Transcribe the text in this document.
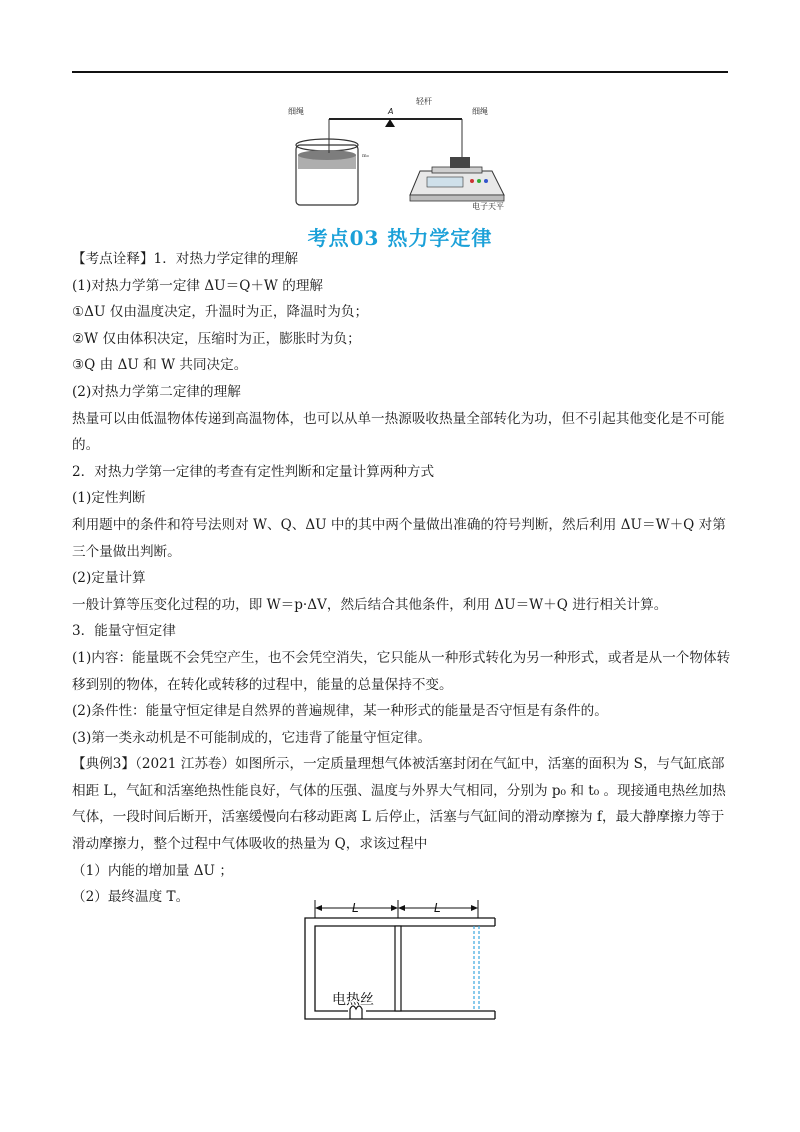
m₀
细绳	A
轻杆
细绳
电子天平
考点03 热力学定律

【考点诠释】1．对热力学定律的理解

(1)对热力学第一定律 ΔU＝Q＋W 的理解

①ΔU 仅由温度决定，升温时为正，降温时为负；

②W 仅由体积决定，压缩时为正，膨胀时为负；

③Q 由 ΔU 和 W 共同决定。

(2)对热力学第二定律的理解

热量可以由低温物体传递到高温物体，也可以从单一热源吸收热量全部转化为功，但不引起其他变化是不可能的。

2．对热力学第一定律的考查有定性判断和定量计算两种方式

(1)定性判断

利用题中的条件和符号法则对 W、Q、ΔU 中的其中两个量做出准确的符号判断，然后利用 ΔU＝W＋Q 对第三个量做出判断。

(2)定量计算

一般计算等压变化过程的功，即 W＝p·ΔV，然后结合其他条件，利用 ΔU＝W＋Q 进行相关计算。

3．能量守恒定律

(1)内容：能量既不会凭空产生，也不会凭空消失，它只能从一种形式转化为另一种形式，或者是从一个物体转移到别的物体，在转化或转移的过程中，能量的总量保持不变。

(2)条件性：能量守恒定律是自然界的普遍规律，某一种形式的能量是否守恒是有条件的。

(3)第一类永动机是不可能制成的，它违背了能量守恒定律。

【典例3】（2021 江苏卷）如图所示，一定质量理想气体被活塞封闭在气缸中，活塞的面积为 S，与气缸底部相距 L，气缸和活塞绝热性能良好，气体的压强、温度与外界大气相同，分别为 p₀ 和 t₀ 。现接通电热丝加热气体，一段时间后断开，活塞缓慢向右移动距离 L 后停止，活塞与气缸间的滑动摩擦为 f，最大静摩擦力等于滑动摩擦力，整个过程中气体吸收的热量为 Q，求该过程中

（1）内能的增加量 ΔU ；

（2）最终温度 T。

L	L
电热丝
